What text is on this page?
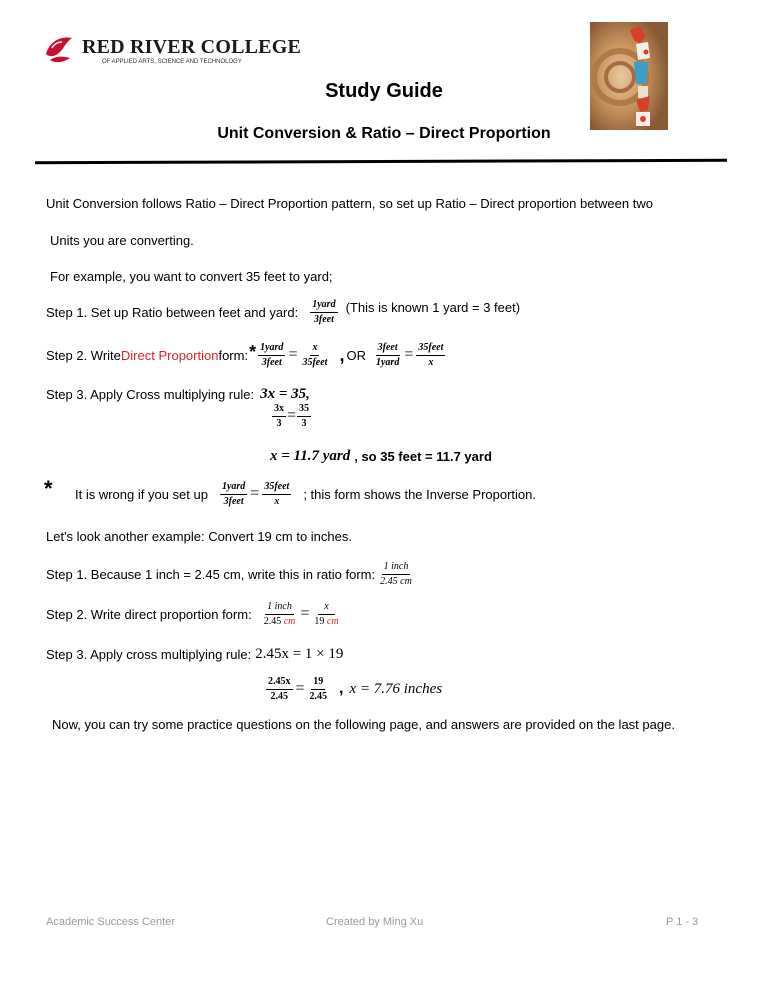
RED RIVER COLLEGE
OF APPLIED ARTS, SCIENCE AND TECHNOLOGY
Study Guide
Unit Conversion & Ratio – Direct Proportion
Unit Conversion follows Ratio – Direct Proportion pattern, so set up Ratio – Direct proportion between two
Units you are converting.
For example, you want to convert 35 feet to yard;
Step 1. Set up Ratio between feet and yard: $\frac{\text{1yard}}{\text{3feet}}$ (This is known 1 yard = 3 feet)
Step 2. Write Direct Proportion form: * $\frac{\text{1yard}}{\text{3feet}} = \frac{x}{\text{35feet}}$ , OR $\frac{\text{3feet}}{\text{1yard}} = \frac{\text{35feet}}{x}$
Step 3. Apply Cross multiplying rule: 3x = 35,
$\frac{3x}{3} = \frac{35}{3}$
x = 11.7 yard , so 35 feet = 11.7 yard
* It is wrong if you set up $\frac{\text{1yard}}{\text{3feet}} = \frac{\text{35feet}}{x}$ ; this form shows the Inverse Proportion.
Let's look another example: Convert 19 cm to inches.
Step 1. Because 1 inch = 2.45 cm, write this in ratio form: $\frac{\text{1 inch}}{2.45 cm}$
Step 2. Write direct proportion form: $\frac{\text{1 inch}}{2.45 cm} = \frac{x}{19 cm}$
Step 3. Apply cross multiplying rule: 2.45x = 1 × 19
$\frac{2.45x}{2.45} = \frac{19}{2.45}$ , x = 7.76 inches
Now, you can try some practice questions on the following page, and answers are provided on the last page.
Academic Success Center	Created by Ming Xu	P 1 - 3
